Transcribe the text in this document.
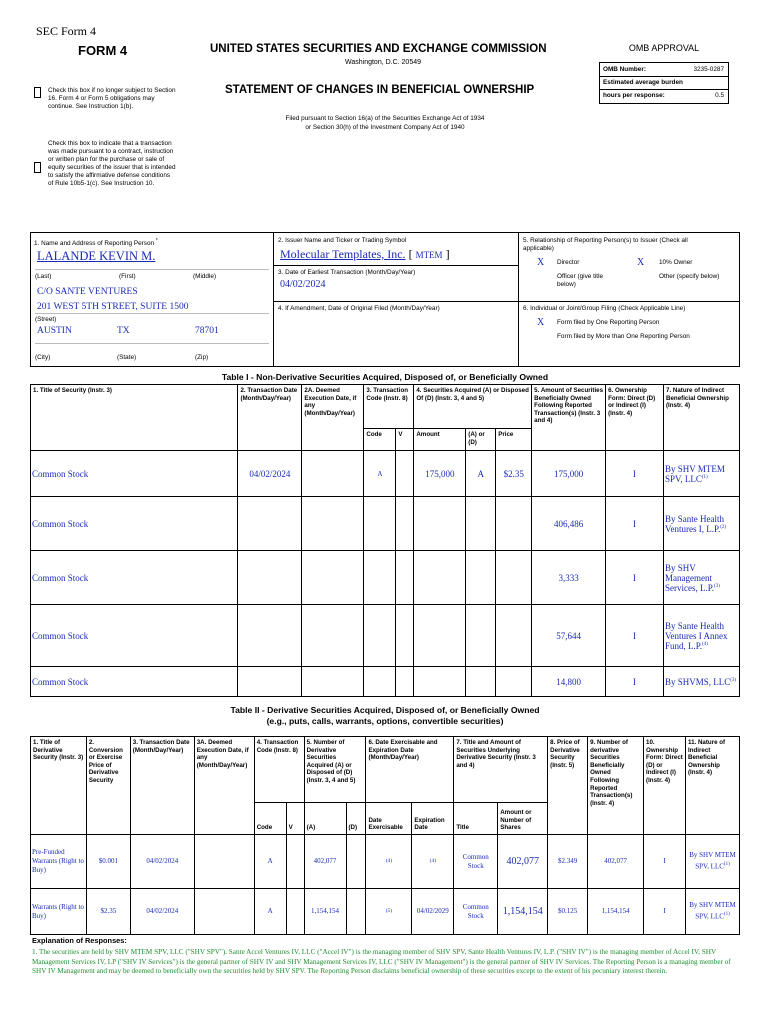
SEC Form 4
FORM 4	UNITED STATES SECURITIES AND EXCHANGE COMMISSION
Washington, D.C. 20549
STATEMENT OF CHANGES IN BENEFICIAL OWNERSHIP
Filed pursuant to Section 16(a) of the Securities Exchange Act of 1934
or Section 30(h) of the Investment Company Act of 1940
Check this box if no longer subject to Section 16. Form 4 or Form 5 obligations may continue. See Instruction 1(b).
Check this box to indicate that a transaction was made pursuant to a contract, instruction or written plan for the purchase or sale of equity securities of the issuer that is intended to satisfy the affirmative defense conditions of Rule 10b5-1(c). See Instruction 10.
OMB APPROVAL
OMB Number:	3235-0287
Estimated average burden
hours per response:	0.5
1. Name and Address of Reporting Person *
LALANDE KEVIN M.
(Last)	(First)	(Middle)
C/O SANTE VENTURES
201 WEST 5TH STREET, SUITE 1500
(Street)
AUSTIN	TX	78701
(City)	(State)	(Zip)
2. Issuer Name and Ticker or Trading Symbol
Molecular Templates, Inc. [ MTEM ]
3. Date of Earliest Transaction (Month/Day/Year)
04/02/2024
4. If Amendment, Date of Original Filed (Month/Day/Year)
5. Relationship of Reporting Person(s) to Issuer (Check all applicable)
X Director	X 10% Owner
Officer (give title below)
Other (specify below)
6. Individual or Joint/Group Filing (Check Applicable Line)
X Form filed by One Reporting Person
Form filed by More than One Reporting Person
Table I - Non-Derivative Securities Acquired, Disposed of, or Beneficially Owned
1. Title of Security (Instr. 3)	2. Transaction Date (Month/Day/Year)	2A. Deemed Execution Date, if any (Month/Day/Year)	3. Transaction Code (Instr. 8)		4. Securities Acquired (A) or Disposed Of (D) (Instr. 3, 4 and 5)			5. Amount of Securities Beneficially Owned Following Reported Transaction(s) (Instr. 3 and 4)	6. Ownership Form: Direct (D) or Indirect (I) (Instr. 4)	7. Nature of Indirect Beneficial Ownership (Instr. 4)
			Code	V	Amount	(A) or (D)	Price			
Common Stock	04/02/2024		A		175,000	A	$2.35	175,000	I	By SHV MTEM SPV, LLC$^{(1)}$
Common Stock								406,486	I	By Sante Health Ventures I, L.P.$^{(2)}$
Common Stock								3,333	I	By SHV Management Services, L.P.$^{(3)}$
Common Stock								57,644	I	By Sante Health Ventures I Annex Fund, L.P.$^{(4)}$
Common Stock								14,800	I	By SHVMS, LLC$^{(3)}$
Table II - Derivative Securities Acquired, Disposed of, or Beneficially Owned
(e.g., puts, calls, warrants, options, convertible securities)
1. Title of Derivative Security (Instr. 3)	2. Conversion or Exercise Price of Derivative Security	3. Transaction Date (Month/Day/Year)	3A. Deemed Execution Date, if any (Month/Day/Year)	4. Transaction Code (Instr. 8)		5. Number of Derivative Securities Acquired (A) or Disposed of (D) (Instr. 3, 4 and 5)		6. Date Exercisable and Expiration Date (Month/Day/Year)		7. Title and Amount of Securities Underlying Derivative Security (Instr. 3 and 4)		8. Price of Derivative Security (Instr. 5)	9. Number of derivative Securities Beneficially Owned Following Reported Transaction(s) (Instr. 4)	10. Ownership Form: Direct (D) or Indirect (I) (Instr. 4)	11. Nature of Indirect Beneficial Ownership (Instr. 4)
				Code	V	(A)	(D)	Date Exercisable	Expiration Date	Title	Amount or Number of Shares				
Pre-Funded Warrants (Right to Buy)	$0.001	04/02/2024		A		402,077		(4)	(4)	Common Stock	402,077	$2.349	402,077	I	By SHV MTEM SPV, LLC$^{(1)}$
Warrants (Right to Buy)	$2.35	04/02/2024		A		1,154,154		(5)	04/02/2029	Common Stock	1,154,154	$0.125	1,154,154	I	By SHV MTEM SPV, LLC$^{(1)}$
Explanation of Responses:
1. The securities are held by SHV MTEM SPV, LLC ("SHV SPV"). Sante Accel Ventures IV, LLC ("Accel IV") is the managing member of SHV SPV, Sante Health Ventures IV, L.P. ("SHV IV") is the managing member of Accel IV, SHV Management Services IV, LP ("SHV IV Services") is the general partner of SHV IV and SHV Management Services IV, LLC ("SHV IV Management") is the general partner of SHV IV Services. The Reporting Person is a managing member of SHV IV Management and may be deemed to beneficially own the securities held by SHV SPV. The Reporting Person disclaims beneficial ownership of these securities except to the extent of his pecuniary interest therein.
